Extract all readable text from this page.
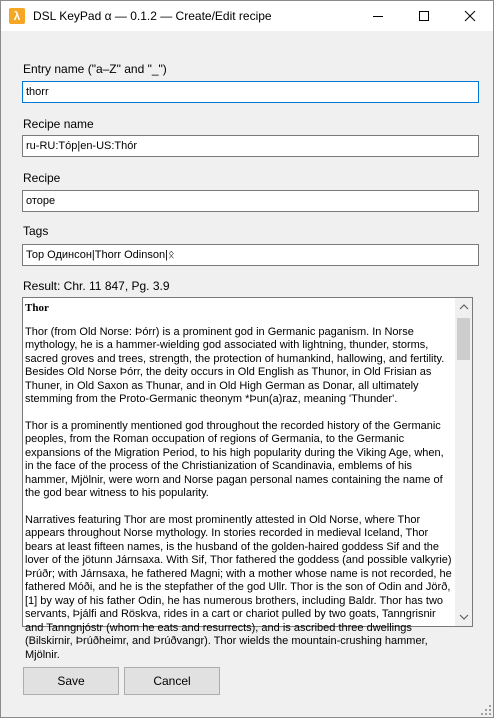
λ	DSL KeyPad α — 0.1.2 — Create/Edit recipe
Entry name ("a–Z" and "_")
thorr
Recipe name
ru-RU:Тóр|en-US:Thór
Recipe
оторе
Tags
Тор Одинсон|Thorr Odinson|ᛟ
Result: Chr. 11 847, Pg. 3.9
Thor

Thor (from Old Norse: Þórr) is a prominent god in Germanic paganism. In Norse mythology, he is a hammer-wielding god associated with lightning, thunder, storms, sacred groves and trees, strength, the protection of humankind, hallowing, and fertility. Besides Old Norse Þórr, the deity occurs in Old English as Thunor, in Old Frisian as Thuner, in Old Saxon as Thunar, and in Old High German as Donar, all ultimately stemming from the Proto-Germanic theonym *Þun(a)raz, meaning 'Thunder'.

Thor is a prominently mentioned god throughout the recorded history of the Germanic peoples, from the Roman occupation of regions of Germania, to the Germanic expansions of the Migration Period, to his high popularity during the Viking Age, when, in the face of the process of the Christianization of Scandinavia, emblems of his hammer, Mjölnir, were worn and Norse pagan personal names containing the name of the god bear witness to his popularity.

Narratives featuring Thor are most prominently attested in Old Norse, where Thor appears throughout Norse mythology. In stories recorded in medieval Iceland, Thor bears at least fifteen names, is the husband of the golden-haired goddess Sif and the lover of the jötunn Járnsaxa. With Sif, Thor fathered the goddess (and possible valkyrie) Þrúðr; with Járnsaxa, he fathered Magni; with a mother whose name is not recorded, he fathered Móði, and he is the stepfather of the god Ullr. Thor is the son of Odin and Jörð,[1] by way of his father Odin, he has numerous brothers, including Baldr. Thor has two servants, Þjálfi and Röskva, rides in a cart or chariot pulled by two goats, Tanngrisnir and Tanngnjóstr (whom he eats and resurrects), and is ascribed three dwellings (Bilskirnir, Þrúðheimr, and Þrúðvangr). Thor wields the mountain-crushing hammer, Mjölnir.

Save	Cancel
